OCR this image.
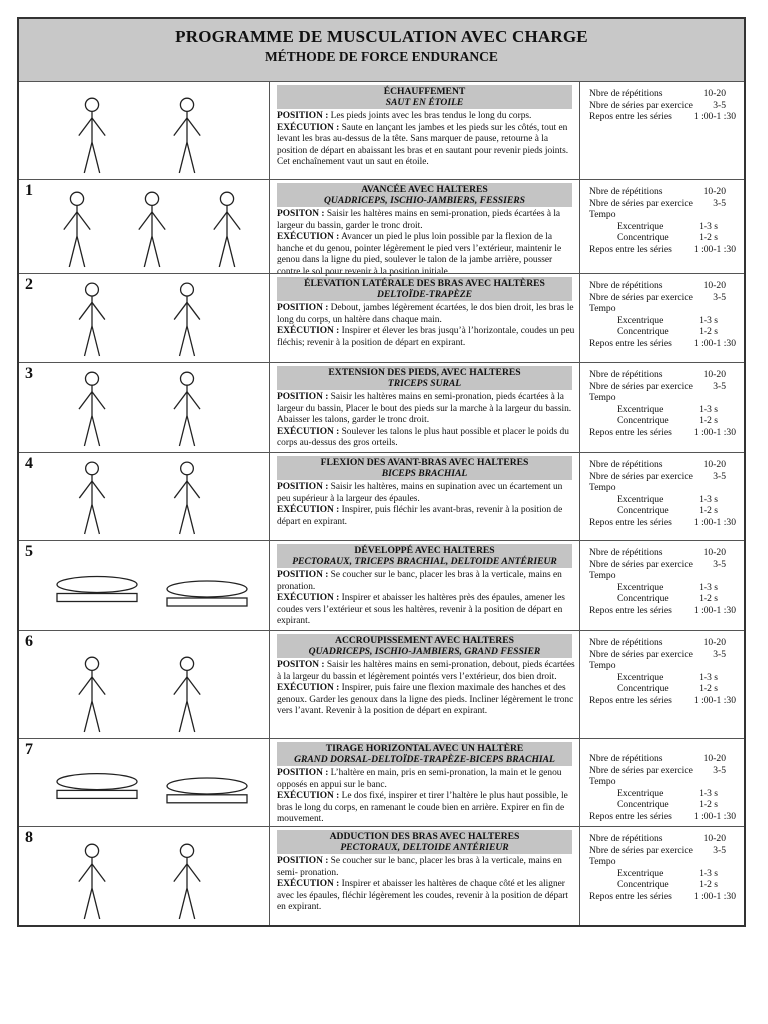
PROGRAMME DE MUSCULATION AVEC CHARGE
MÉTHODE DE FORCE ENDURANCE
ÉCHAUFFEMENT
SAUT EN ÉTOILE
POSITION : Les pieds joints avec les bras tendus le long du corps.
EXÉCUTION : Saute en lançant les jambes et les pieds sur les côtés, tout en levant les bras au-dessus de la tête. Sans marquer de pause, retourne à la position de départ en abaissant les bras et en sautant pour revenir pieds joints. Cet enchaînement vaut un saut en étoile.
Nbre de répétitions	10-20
Nbre de séries par exercice 3-5
Repos entre les séries 1 :00-1 :30
1	AVANCÉE AVEC HALTERES
QUADRICEPS, ISCHIO-JAMBIERS, FESSIERS
POSITON : Saisir les haltères mains en semi-pronation, pieds écartées à la largeur du bassin, garder le tronc droit.
EXÉCUTION : Avancer un pied le plus loin possible par la flexion de la hanche et du genou, pointer légèrement le pied vers l’extérieur, maintenir le genou dans la ligne du pied, soulever le talon de la jambe arrière, pousser contre le sol pour revenir à la position initiale.
Nbre de répétitions	10-20
Nbre de séries par exercice 3-5
Tempo
Excentrique	1-3 s
Concentrique	1-2 s
Repos entre les séries 1 :00-1 :30
2	ÉLEVATION LATÉRALE DES BRAS AVEC HALTÈRES
DELTOÏDE-TRAPÈZE
POSITION : Debout, jambes légèrement écartées, le dos bien droit, les bras le long du corps, un haltère dans chaque main.
EXÉCUTION : Inspirer et élever les bras jusqu’à l’horizontale, coudes un peu fléchis; revenir à la position de départ en expirant.
Nbre de répétitions	10-20
Nbre de séries par exercice 3-5
Tempo
Excentrique	1-3 s
Concentrique	1-2 s
Repos entre les séries 1 :00-1 :30
3	EXTENSION DES PIEDS, AVEC HALTERES
TRICEPS SURAL
POSITION : Saisir les haltères mains en semi-pronation, pieds écartées à la largeur du bassin, Placer le bout des pieds sur la marche à la largeur du bassin. Abaisser les talons, garder le tronc droit.
EXÉCUTION : Soulever les talons le plus haut possible et placer le poids du corps au-dessus des gros orteils.
Nbre de répétitions	10-20
Nbre de séries par exercice 3-5
Tempo
Excentrique	1-3 s
Concentrique	1-2 s
Repos entre les séries 1 :00-1 :30
4	FLEXION DES AVANT-BRAS AVEC HALTERES
BICEPS BRACHIAL
POSITION : Saisir les haltères, mains en supination avec un écartement un peu supérieur à la largeur des épaules.
EXÉCUTION : Inspirer, puis fléchir les avant-bras, revenir à la position de départ en expirant.
Nbre de répétitions	10-20
Nbre de séries par exercice 3-5
Tempo
Excentrique	1-3 s
Concentrique	1-2 s
Repos entre les séries 1 :00-1 :30
5	DÉVELOPPÉ AVEC HALTERES
PECTORAUX, TRICEPS BRACHIAL, DELTOIDE ANTÉRIEUR
POSITION : Se coucher sur le banc, placer les bras à la verticale, mains en pronation.
EXÉCUTION : Inspirer et abaisser les haltères près des épaules, amener les coudes vers l’extérieur et sous les haltères, revenir à la position de départ en expirant.
Nbre de répétitions	10-20
Nbre de séries par exercice 3-5
Tempo
Excentrique	1-3 s
Concentrique	1-2 s
Repos entre les séries 1 :00-1 :30
6	ACCROUPISSEMENT AVEC HALTERES
QUADRICEPS, ISCHIO-JAMBIERS, GRAND FESSIER
POSITON : Saisir les haltères mains en semi-pronation, debout, pieds écartées à la largeur du bassin et légèrement pointés vers l’extérieur, dos bien droit.
EXÉCUTION : Inspirer, puis faire une flexion maximale des hanches et des genoux. Garder les genoux dans la ligne des pieds. Incliner légèrement le tronc vers l’avant. Revenir à la position de départ en expirant.
Nbre de répétitions	10-20
Nbre de séries par exercice 3-5
Tempo
Excentrique	1-3 s
Concentrique	1-2 s
Repos entre les séries 1 :00-1 :30
7	TIRAGE HORIZONTAL AVEC UN HALTÈRE
GRAND DORSAL-DELTOÏDE-TRAPÈZE-BICEPS BRACHIAL
POSITION : L’haltère en main, pris en semi-pronation, la main et le genou opposés en appui sur le banc.
EXÉCUTION : Le dos fixé, inspirer et tirer l’haltère le plus haut possible, le bras le long du corps, en ramenant le coude bien en arrière. Expirer en fin de mouvement.
Nbre de répétitions	10-20
Nbre de séries par exercice 3-5
Tempo
Excentrique	1-3 s
Concentrique	1-2 s
Repos entre les séries 1 :00-1 :30
8	ADDUCTION DES BRAS AVEC HALTERES
PECTORAUX, DELTOIDE ANTÉRIEUR
POSITION : Se coucher sur le banc, placer les bras à la verticale, mains en semi- pronation.
EXÉCUTION : Inspirer et abaisser les haltères de chaque côté et les aligner avec les épaules, fléchir légèrement les coudes, revenir à la position de départ en expirant.
Nbre de répétitions	10-20
Nbre de séries par exercice 3-5
Tempo
Excentrique	1-3 s
Concentrique	1-2 s
Repos entre les séries 1 :00-1 :30
